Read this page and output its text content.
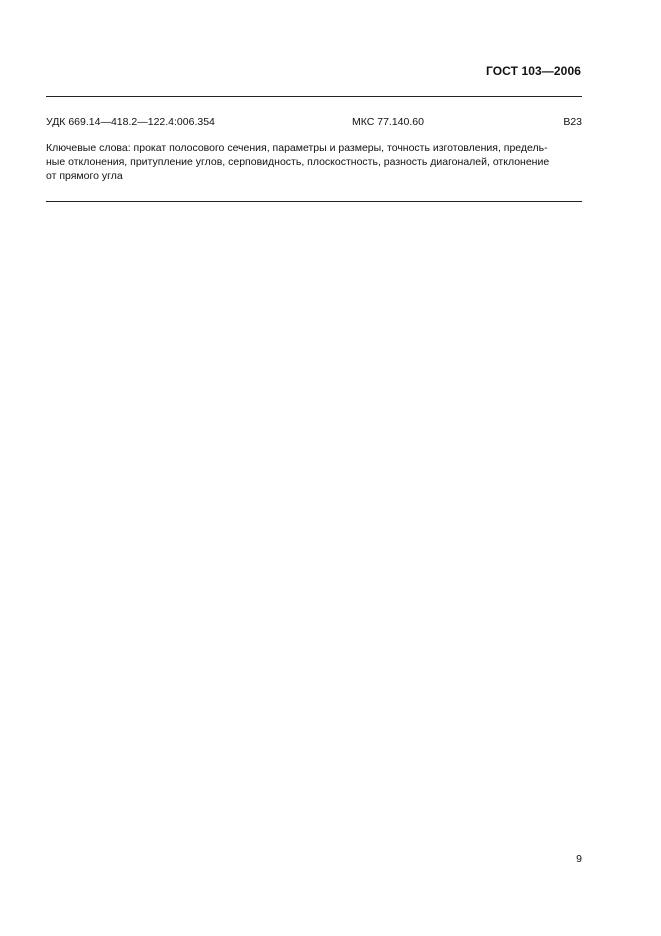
ГОСТ 103—2006
УДК 669.14—418.2—122.4:006.354	МКС 77.140.60	В23
Ключевые слова: прокат полосового сечения, параметры и размеры, точность изготовления, предель-
ные отклонения, притупление углов, серповидность, плоскостность, разность диагоналей, отклонение
от прямого угла
9
